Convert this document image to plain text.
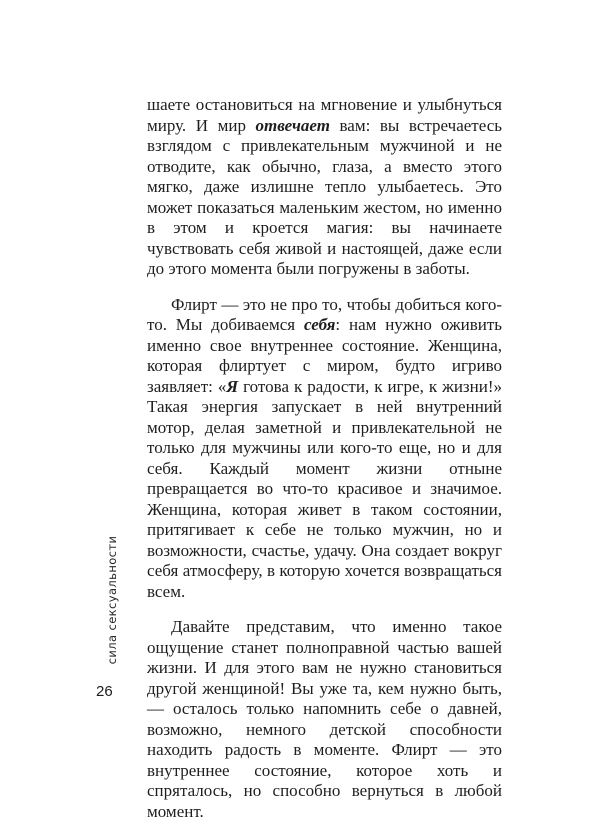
шаете остановиться на мгновение и улыбнуться миру. И мир отвечает вам: вы встречаетесь взглядом с привлекательным мужчиной и не отводите, как обычно, глаза, а вместо этого мягко, даже излишне тепло улыбаетесь. Это может показаться маленьким жестом, но именно в этом и кроется магия: вы начинаете чувствовать себя живой и настоящей, даже если до этого момента были погружены в заботы.

Флирт — это не про то, чтобы добиться кого-то. Мы добиваемся себя: нам нужно оживить именно свое внутреннее состояние. Женщина, которая флиртует с миром, будто игриво заявляет: «Я готова к радости, к игре, к жизни!» Такая энергия запускает в ней внутренний мотор, делая заметной и привлекательной не только для мужчины или кого-то еще, но и для себя. Каждый момент жизни отныне превращается во что-то красивое и значимое. Женщина, которая живет в таком состоянии, притягивает к себе не только мужчин, но и возможности, счастье, удачу. Она создает вокруг себя атмосферу, в которую хочется возвращаться всем.

Давайте представим, что именно такое ощущение станет полноправной частью вашей жизни. И для этого вам не нужно становиться другой женщиной! Вы уже та, кем нужно быть, — осталось только напомнить себе о давней, возможно, немного детской способности находить радость в моменте. Флирт — это внутреннее состояние, которое хоть и спряталось, но способно вернуться в любой момент.

сила сексуальности
26
